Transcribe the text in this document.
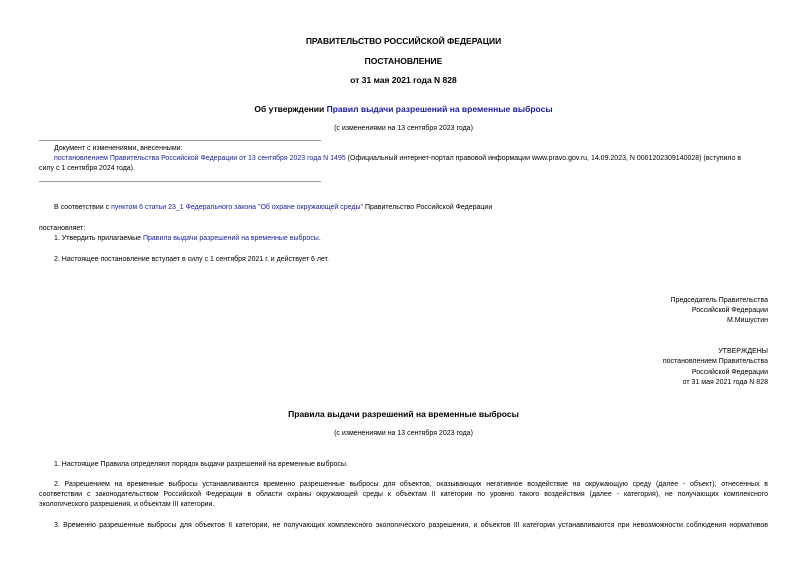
ПРАВИТЕЛЬСТВО РОССИЙСКОЙ ФЕДЕРАЦИИ
ПОСТАНОВЛЕНИЕ
от 31 мая 2021 года N 828
Об утверждении Правил выдачи разрешений на временные выбросы
(с изменениями на 13 сентября 2023 года)
Документ с изменениями, внесенными:
постановлением Правительства Российской Федерации от 13 сентября 2023 года N 1495 (Официальный интернет-портал правовой информации www.pravo.gov.ru, 14.09.2023, N 0001202309140028) (вступило в
силу с 1 сентября 2024 года).
В соответствии с пунктом 6 статьи 23_1 Федерального закона "Об охране окружающей среды" Правительство Российской Федерации
постановляет:
1. Утвердить прилагаемые Правила выдачи разрешений на временные выбросы.
2. Настоящее постановление вступает в силу с 1 сентября 2021 г. и действует 6 лет.
Председатель Правительства
Российской Федерации
М.Мишустин
УТВЕРЖДЕНЫ
постановлением Правительства
Российской Федерации
от 31 мая 2021 года N 828
Правила выдачи разрешений на временные выбросы
(с изменениями на 13 сентября 2023 года)
1. Настоящие Правила определяют порядок выдачи разрешений на временные выбросы.
2. Разрешением на временные выбросы устанавливаются временно разрешенные выбросы для объектов, оказывающих негативное воздействие на окружающую среду (далее - объект), отнесенных в
соответствии с законодательством Российской Федерации в области охраны окружающей среды к объектам II категории по уровню такого воздействия (далее - категория), не получающих комплексного
экологического разрешения, и объектам III категории.
3. Временно разрешенные выбросы для объектов II категории, не получающих комплексного экологического разрешения, и объектов III категории устанавливаются при невозможности соблюдения нормативов
